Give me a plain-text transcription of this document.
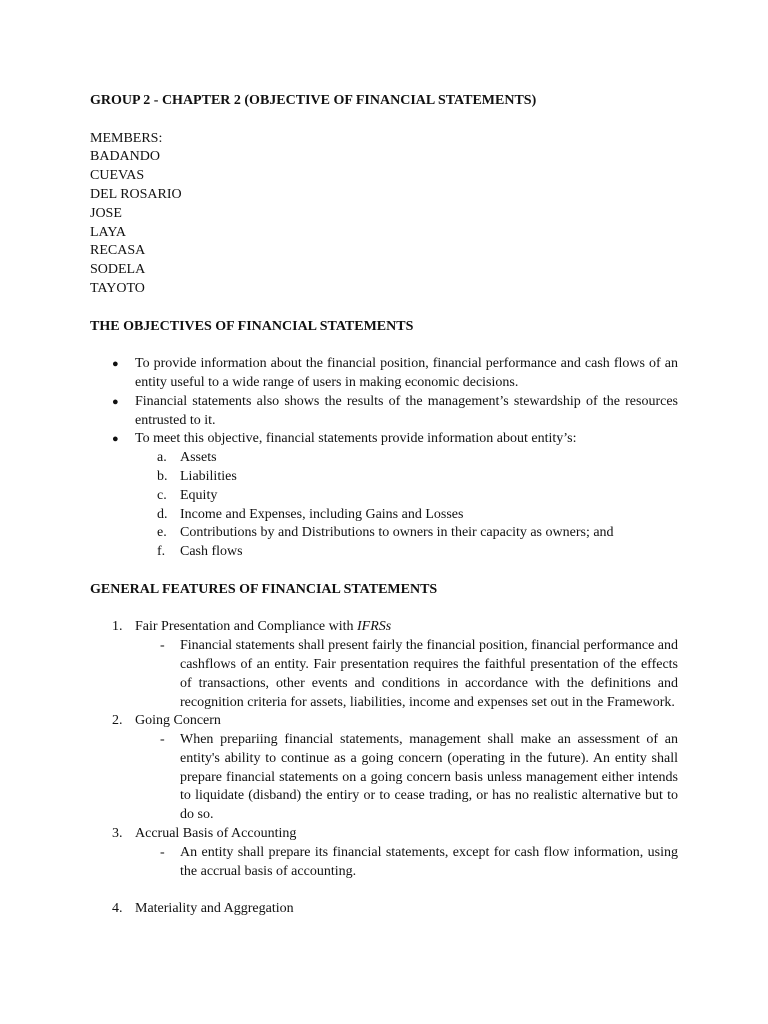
GROUP 2 - CHAPTER 2 (OBJECTIVE OF FINANCIAL STATEMENTS)

MEMBERS:
BADANDO
CUEVAS
DEL ROSARIO
JOSE
LAYA
RECASA
SODELA
TAYOTO

THE OBJECTIVES OF FINANCIAL STATEMENTS

● To provide information about the financial position, financial performance and cash flows of an entity useful to a wide range of users in making economic decisions.
● Financial statements also shows the results of the management’s stewardship of the resources entrusted to it.
● To meet this objective, financial statements provide information about entity’s:
a. Assets
b. Liabilities
c. Equity
d. Income and Expenses, including Gains and Losses
e. Contributions by and Distributions to owners in their capacity as owners; and
f. Cash flows

GENERAL FEATURES OF FINANCIAL STATEMENTS

1. Fair Presentation and Compliance with IFRSs
- Financial statements shall present fairly the financial position, financial performance and cashflows of an entity. Fair presentation requires the faithful presentation of the effects of transactions, other events and conditions in accordance with the definitions and recognition criteria for assets, liabilities, income and expenses set out in the Framework.
2. Going Concern
- When prepariing financial statements, management shall make an assessment of an entity's ability to continue as a going concern (operating in the future). An entity shall prepare financial statements on a going concern basis unless management either intends to liquidate (disband) the entiry or to cease trading, or has no realistic alternative but to do so.
3. Accrual Basis of Accounting
- An entity shall prepare its financial statements, except for cash flow information, using the accrual basis of accounting.
4. Materiality and Aggregation
